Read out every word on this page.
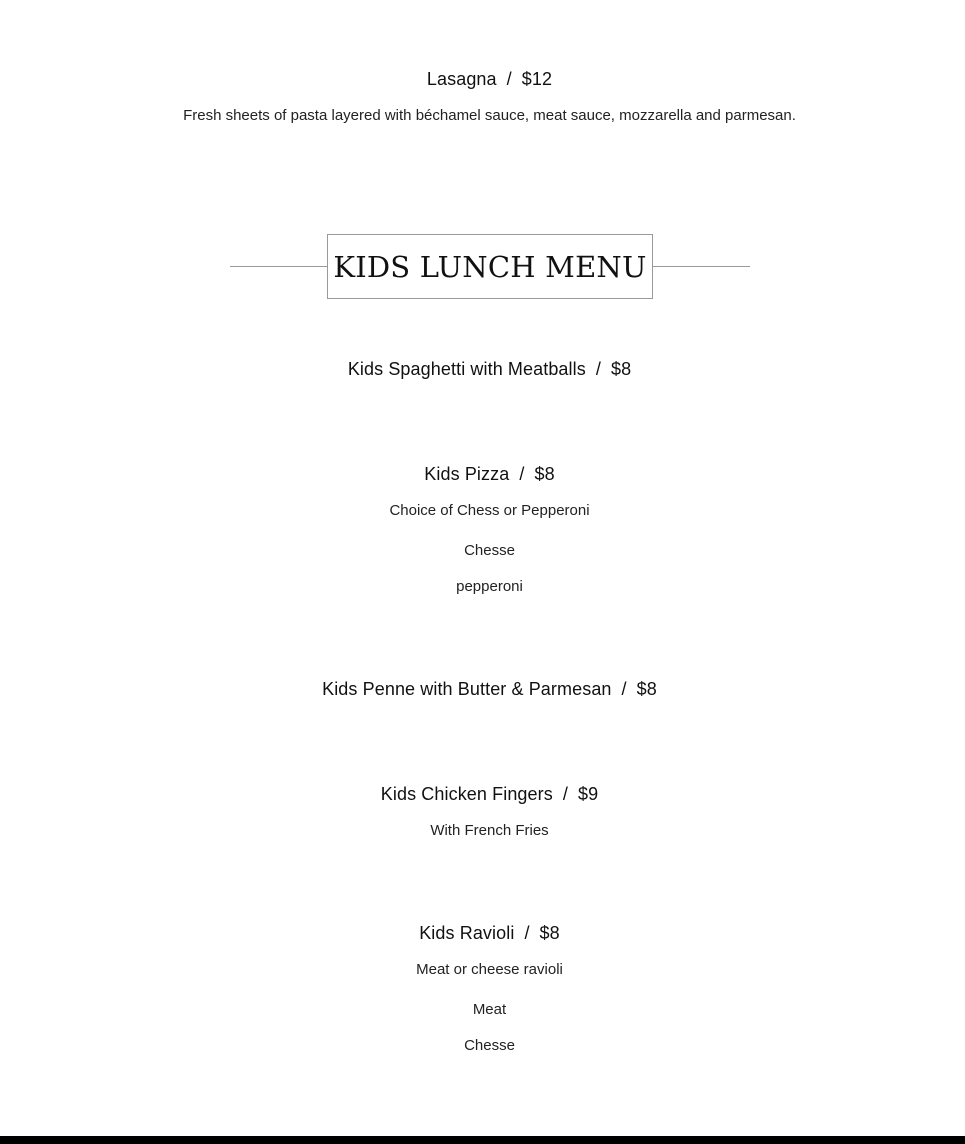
Lasagna / $12
Fresh sheets of pasta layered with béchamel sauce, meat sauce, mozzarella and parmesan.
KIDS LUNCH MENU
Kids Spaghetti with Meatballs / $8
Kids Pizza / $8
Choice of Chess or Pepperoni
Chesse
pepperoni
Kids Penne with Butter & Parmesan / $8
Kids Chicken Fingers / $9
With French Fries
Kids Ravioli / $8
Meat or cheese ravioli
Meat
Chesse
